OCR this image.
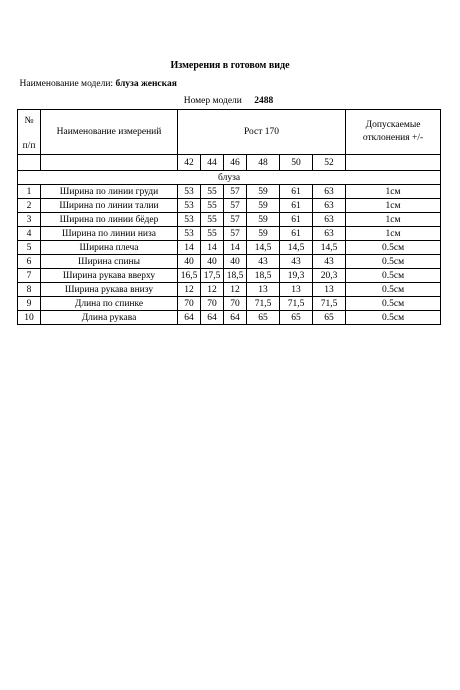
Измерения в готовом виде
Наименование модели: блуза женская								
		Номер модели 2488						

№
п/п	Наименование измерений	Рост 170						Допускаемые отклонения +/-
		42	44	46	48	50	52	
блуза								
1	Ширина по линии груди	53	55	57	59	61	63	1см
2	Ширина по линии талии	53	55	57	59	61	63	1см
3	Ширина по линии бёдер	53	55	57	59	61	63	1см
4	Ширина по линии низа	53	55	57	59	61	63	1см
5	Ширина плеча	14	14	14	14,5	14,5	14,5	0.5см
6	Ширина спины	40	40	40	43	43	43	0.5см
7	Ширина рукава вверху	16,5	17,5	18,5	18,5	19,3	20,3	0.5см
8	Ширина рукава внизу	12	12	12	13	13	13	0.5см
9	Длина по спинке	70	70	70	71,5	71,5	71,5	0.5см
10	Длина рукава	64	64	64	65	65	65	0.5см
